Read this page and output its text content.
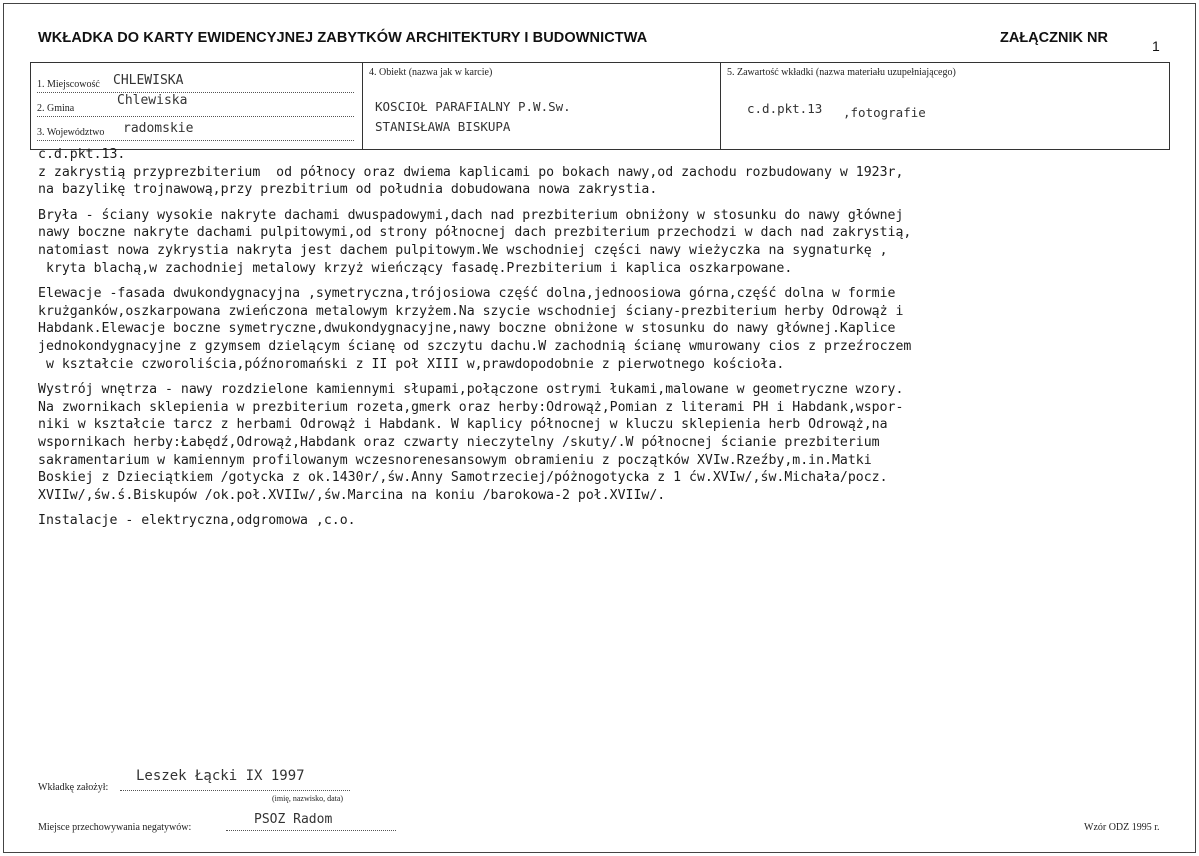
WKŁADKA DO KARTY EWIDENCYJNEJ ZABYTKÓW ARCHITEKTURY I BUDOWNICTWA	ZAŁĄCZNIK NR	1
1. Miejscowość	CHLEWISKA
2. Gmina
Chlewiska
3. Województwo	radomskie
4. Obiekt (nazwa jak w karcie)
KOSCIOŁ PARAFIALNY P.W.Sw.
STANISŁAWA BISKUPA
5. Zawartość wkładki (nazwa materiału uzupełniającego)
c.d.pkt.13 ,fotografie
c.d.pkt.13.
z zakrystią przyprezbiterium  od północy oraz dwiema kaplicami po bokach nawy,od zachodu rozbudowany w 1923r,
na bazylikę trojnawową,przy prezbitrium od południa dobudowana nowa zakrystia.
Bryła - ściany wysokie nakryte dachami dwuspadowymi,dach nad prezbiterium obniżony w stosunku do nawy głównej
nawy boczne nakryte dachami pulpitowymi,od strony północnej dach prezbiterium przechodzi w dach nad zakrystią,
natomiast nowa zykrystia nakryta jest dachem pulpitowym.We wschodniej części nawy wieżyczka na sygnaturkę ,
kryta blachą,w zachodniej metalowy krzyż wieńczący fasadę.Prezbiterium i kaplica oszkarpowane.
Elewacje -fasada dwukondygnacyjna ,symetryczna,trójosiowa część dolna,jednoosiowa górna,część dolna w formie
krużganków,oszkarpowana zwieńczona metalowym krzyżem.Na szycie wschodniej ściany-prezbiterium herby Odrowąż i
Habdank.Elewacje boczne symetryczne,dwukondygnacyjne,nawy boczne obniżone w stosunku do nawy głównej.Kaplice
jednokondygnacyjne z gzymsem dzielącym ścianę od szczytu dachu.W zachodnią ścianę wmurowany cios z przeźroczem
w kształcie czworoliścia,późnoromański z II poł XIII w,prawdopodobnie z pierwotnego kościoła.
Wystrój wnętrza - nawy rozdzielone kamiennymi słupami,połączone ostrymi łukami,malowane w geometryczne wzory.
Na zwornikach sklepienia w prezbiterium rozeta,gmerk oraz herby:Odrowąż,Pomian z literami PH i Habdank,wspor-
niki w kształcie tarcz z herbami Odrowąż i Habdank. W kaplicy północnej w kluczu sklepienia herb Odrowąż,na
wspornikach herby:Łabędź,Odrowąż,Habdank oraz czwarty nieczytelny /skuty/.W północnej ścianie prezbiterium
sakramentarium w kamiennym profilowanym wczesnorenesansowym obramieniu z początków XVIw.Rzeźby,m.in.Matki
Boskiej z Dzieciątkiem /gotycka z ok.1430r/,św.Anny Samotrzeciej/póżnogotycka z 1 ćw.XVIw/,św.Michała/pocz.
XVIIw/,św.ś.Biskupów /ok.poł.XVIIw/,św.Marcina na koniu /barokowa-2 poł.XVIIw/.
Instalacje - elektryczna,odgromowa ,c.o.
Wkładkę założył:
Leszek Łącki IX 1997
(imię, nazwisko, data)
Miejsce przechowywania negatywów:
PSOZ Radom
Wzór ODZ 1995 r.
